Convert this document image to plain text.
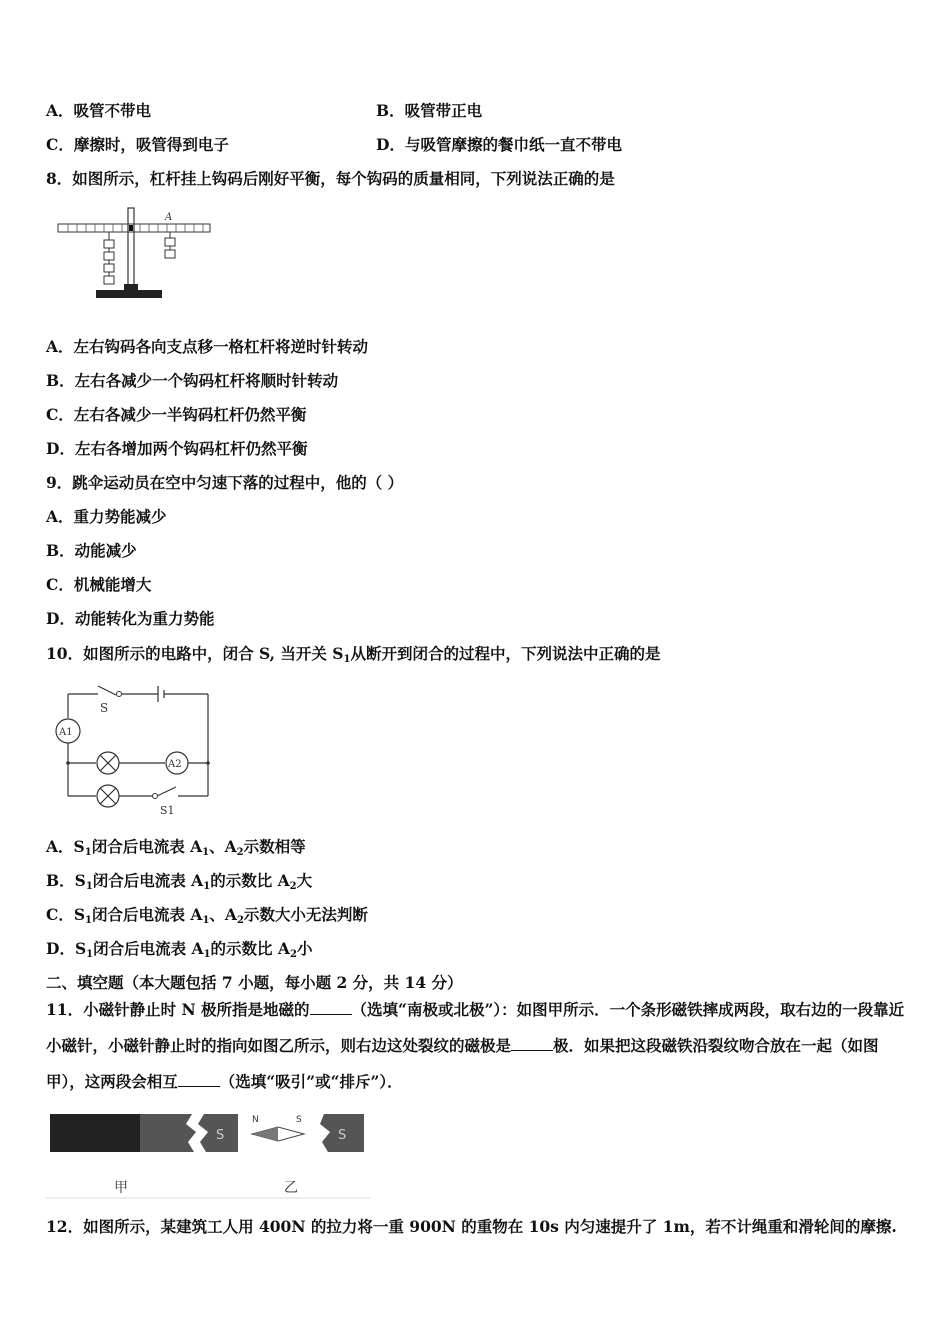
A．吸管不带电	B．吸管带正电
C．摩擦时，吸管得到电子	D．与吸管摩擦的餐巾纸一直不带电
8．如图所示，杠杆挂上钩码后刚好平衡，每个钩码的质量相同，下列说法正确的是
A
A．左右钩码各向支点移一格杠杆将逆时针转动
B．左右各减少一个钩码杠杆将顺时针转动
C．左右各减少一半钩码杠杆仍然平衡
D．左右各增加两个钩码杠杆仍然平衡
9．跳伞运动员在空中匀速下落的过程中，他的（ ）
A．重力势能减少
B．动能减少
C．机械能增大
D．动能转化为重力势能
10．如图所示的电路中，闭合 S, 当开关 $S_1$从断开到闭合的过程中，下列说法中正确的是
S
S1
A1
A2
A．$S_1$闭合后电流表 $A_1$、$A_2$示数相等
B．$S_1$闭合后电流表 $A_1$的示数比 $A_2$大
C．$S_1$闭合后电流表 $A_1$、$A_2$示数大小无法判断
D．$S_1$闭合后电流表 $A_1$的示数比 $A_2$小
二、填空题（本大题包括 7 小题，每小题 2 分，共 14 分）
11．小磁针静止时 N 极所指是地磁的	（选填“南极或北极”）：如图甲所示．一个条形磁铁摔成两段，取右边的一段靠近小磁针，小磁针静止时的指向如图乙所示，则右边这处裂纹的磁极是	极．如果把这段磁铁沿裂纹吻合放在一起（如图甲），这两段会相互	（选填“吸引”或“排斥”）．
S
N	S
S
甲	乙
12．如图所示，某建筑工人用 400N 的拉力将一重 900N 的重物在 10s 内匀速提升了 1m，若不计绳重和滑轮间的摩擦.
